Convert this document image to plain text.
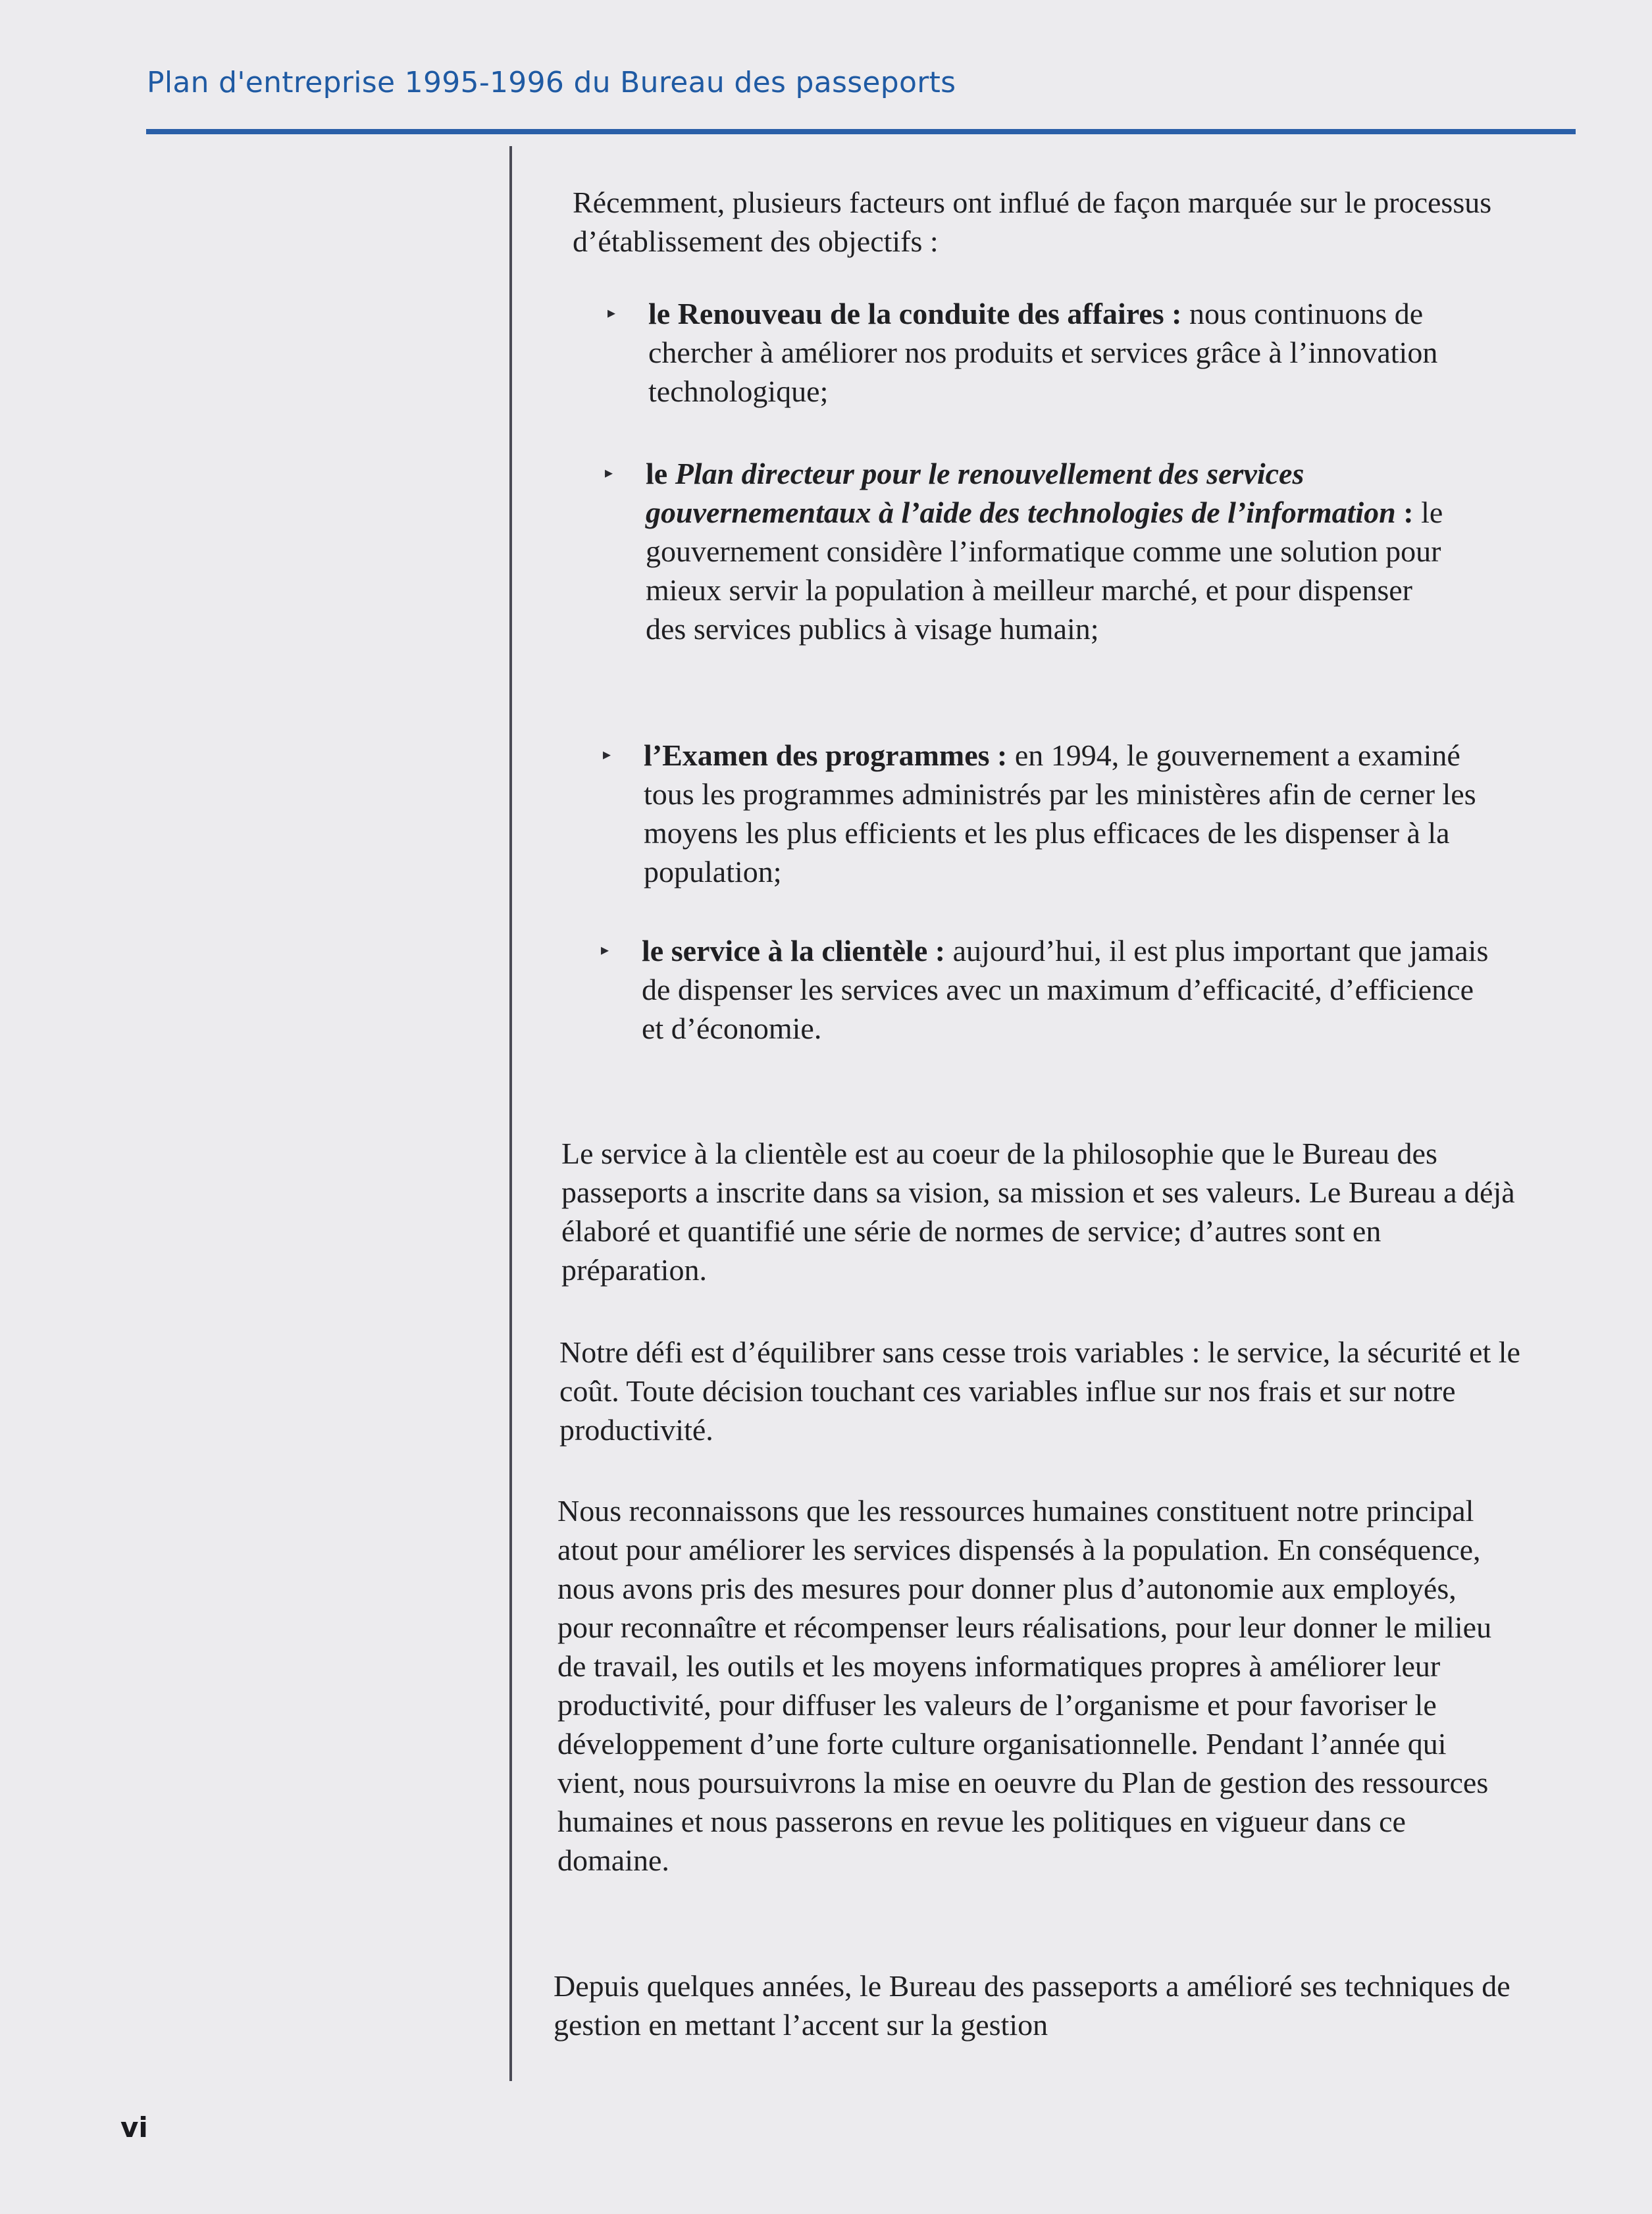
Plan d'entreprise 1995-1996 du Bureau des passeports

Récemment, plusieurs facteurs ont influé de façon marquée sur le processus d’établissement des objectifs :

▸ le Renouveau de la conduite des affaires : nous continuons de chercher à améliorer nos produits et services grâce à l’innovation technologique;
▸ le Plan directeur pour le renouvellement des services gouvernementaux à l’aide des technologies de l’information : le gouvernement considère l’informatique comme une solution pour mieux servir la population à meilleur marché, et pour dispenser des services publics à visage humain;
▸ l’Examen des programmes : en 1994, le gouvernement a examiné tous les programmes administrés par les ministères afin de cerner les moyens les plus efficients et les plus efficaces de les dispenser à la population;
▸ le service à la clientèle : aujourd’hui, il est plus important que jamais de dispenser les services avec un maximum d’efficacité, d’efficience et d’économie.

Le service à la clientèle est au coeur de la philosophie que le Bureau des passeports a inscrite dans sa vision, sa mission et ses valeurs. Le Bureau a déjà élaboré et quantifié une série de normes de service; d’autres sont en préparation.

Notre défi est d’équilibrer sans cesse trois variables : le service, la sécurité et le coût. Toute décision touchant ces variables influe sur nos frais et sur notre productivité.

Nous reconnaissons que les ressources humaines constituent notre principal atout pour améliorer les services dispensés à la population. En conséquence, nous avons pris des mesures pour donner plus d’autonomie aux employés, pour reconnaître et récompenser leurs réalisations, pour leur donner le milieu de travail, les outils et les moyens informatiques propres à améliorer leur productivité, pour diffuser les valeurs de l’organisme et pour favoriser le développement d’une forte culture organisationnelle. Pendant l’année qui vient, nous poursuivrons la mise en oeuvre du Plan de gestion des ressources humaines et nous passerons en revue les politiques en vigueur dans ce domaine.

Depuis quelques années, le Bureau des passeports a amélioré ses techniques de gestion en mettant l’accent sur la gestion

vi
